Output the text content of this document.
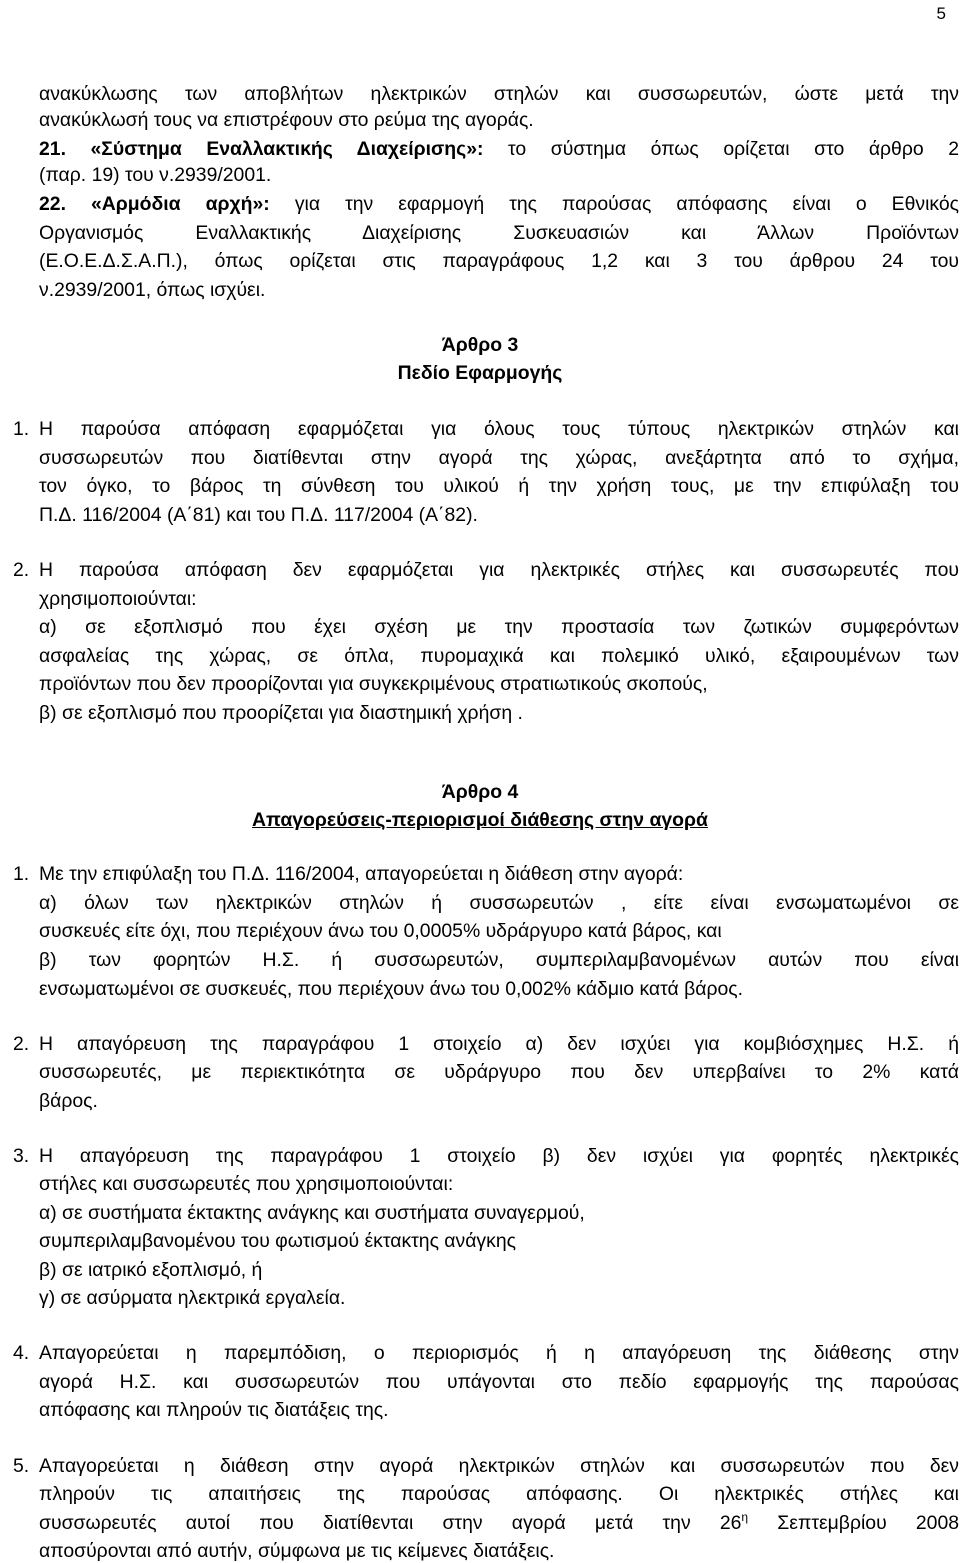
5
ανακύκλωσης των αποβλήτων ηλεκτρικών στηλών και συσσωρευτών, ώστε μετά την
ανακύκλωσή τους να επιστρέφουν στο ρεύμα της αγοράς.
21. «Σύστημα Εναλλακτικής Διαχείρισης»: το σύστημα όπως ορίζεται στο άρθρο 2
(παρ. 19) του ν.2939/2001.
22. «Αρμόδια αρχή»: για την εφαρμογή της παρούσας απόφασης είναι ο Εθνικός
Οργανισμός Εναλλακτικής Διαχείρισης Συσκευασιών και Άλλων Προϊόντων
(Ε.Ο.Ε.Δ.Σ.Α.Π.), όπως ορίζεται στις παραγράφους 1,2 και 3 του άρθρου 24 του
ν.2939/2001, όπως ισχύει.
Άρθρο 3
Πεδίο Εφαρμογής
1. Η παρούσα απόφαση εφαρμόζεται για όλους τους τύπους ηλεκτρικών στηλών και
συσσωρευτών που διατίθενται στην αγορά της χώρας, ανεξάρτητα από το σχήμα,
τον όγκο, το βάρος τη σύνθεση του υλικού ή την χρήση τους, με την επιφύλαξη του
Π.Δ. 116/2004 (Α΄81) και του Π.Δ. 117/2004 (Α΄82).
2. Η παρούσα απόφαση δεν εφαρμόζεται για ηλεκτρικές στήλες και συσσωρευτές που
χρησιμοποιούνται:
α) σε εξοπλισμό που έχει σχέση με την προστασία των ζωτικών συμφερόντων
ασφαλείας της χώρας, σε όπλα, πυρομαχικά και πολεμικό υλικό, εξαιρουμένων των
προϊόντων που δεν προορίζονται για συγκεκριμένους στρατιωτικούς σκοπούς,
β) σε εξοπλισμό που προορίζεται για διαστημική χρήση .
Άρθρο 4
Απαγορεύσεις-περιορισμοί διάθεσης στην αγορά
1. Με την επιφύλαξη του Π.Δ. 116/2004, απαγορεύεται η διάθεση στην αγορά:
α) όλων των ηλεκτρικών στηλών ή συσσωρευτών , είτε είναι ενσωματωμένοι σε
συσκευές είτε όχι, που περιέχουν άνω του 0,0005% υδράργυρο κατά βάρος, και
β) των φορητών Η.Σ. ή συσσωρευτών, συμπεριλαμβανομένων αυτών που είναι
ενσωματωμένοι σε συσκευές, που περιέχουν άνω του 0,002% κάδμιο κατά βάρος.
2. Η απαγόρευση της παραγράφου 1 στοιχείο α) δεν ισχύει για κομβιόσχημες Η.Σ. ή
συσσωρευτές, με περιεκτικότητα σε υδράργυρο που δεν υπερβαίνει το 2% κατά
βάρος.
3. Η απαγόρευση της παραγράφου 1 στοιχείο β) δεν ισχύει για φορητές ηλεκτρικές
στήλες και συσσωρευτές που χρησιμοποιούνται:
α) σε συστήματα έκτακτης ανάγκης και συστήματα συναγερμού,
συμπεριλαμβανομένου του φωτισμού έκτακτης ανάγκης
β) σε ιατρικό εξοπλισμό, ή
γ) σε ασύρματα ηλεκτρικά εργαλεία.
4. Απαγορεύεται η παρεμπόδιση, ο περιορισμός ή η απαγόρευση της διάθεσης στην
αγορά Η.Σ. και συσσωρευτών που υπάγονται στο πεδίο εφαρμογής της παρούσας
απόφασης και πληρούν τις διατάξεις της.
5. Απαγορεύεται η διάθεση στην αγορά ηλεκτρικών στηλών και συσσωρευτών που δεν
πληρούν τις απαιτήσεις της παρούσας απόφασης. Οι ηλεκτρικές στήλες και
συσσωρευτές αυτοί που διατίθενται στην αγορά μετά την $26^\eta$ Σεπτεμβρίου 2008
αποσύρονται από αυτήν, σύμφωνα με τις κείμενες διατάξεις.
